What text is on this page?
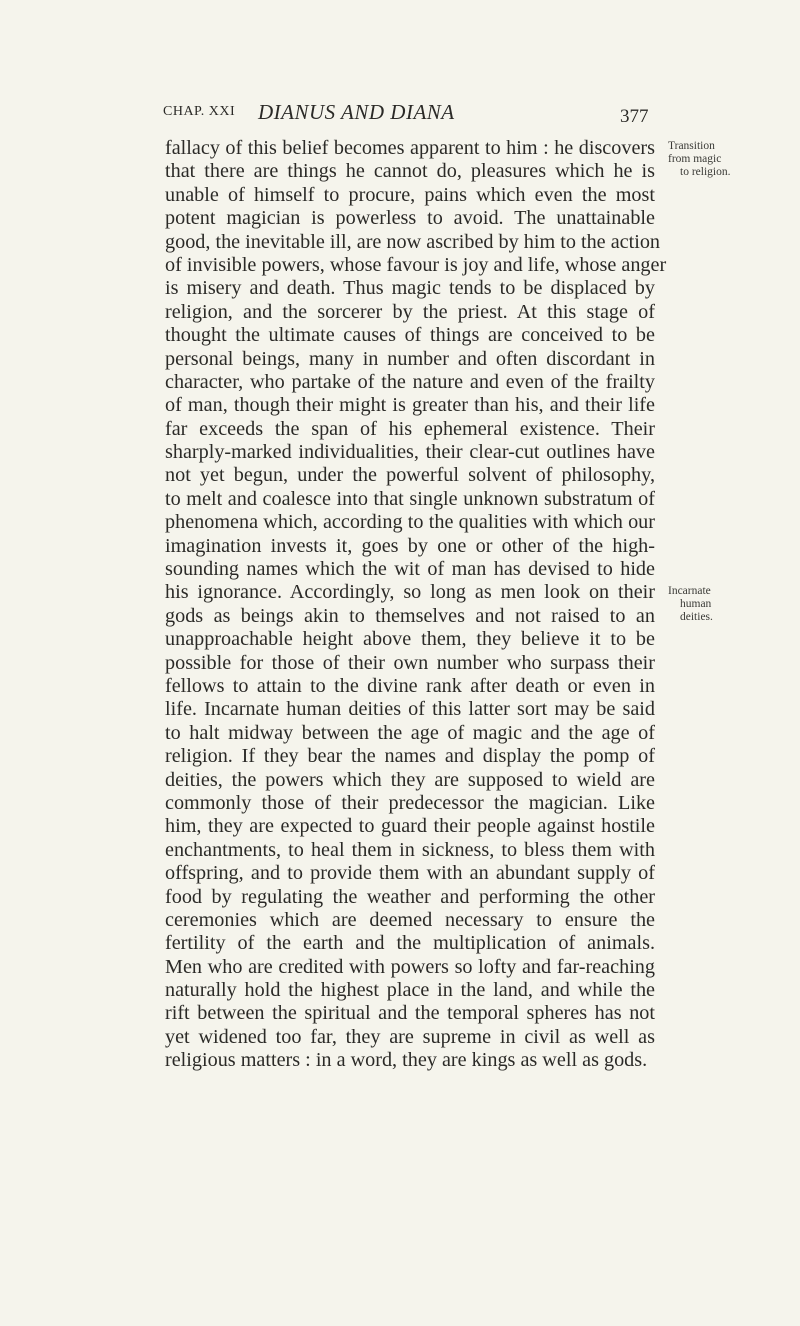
CHAP. XXI DIANUS AND DIANA	377
fallacy of this belief becomes apparent to him : he discovers
that there are things he cannot do, pleasures which he is
unable of himself to procure, pains which even the most
potent magician is powerless to avoid. The unattainable
good, the inevitable ill, are now ascribed by him to the action
of invisible powers, whose favour is joy and life, whose anger
is misery and death. Thus magic tends to be displaced by
religion, and the sorcerer by the priest. At this stage of
thought the ultimate causes of things are conceived to be
personal beings, many in number and often discordant in
character, who partake of the nature and even of the frailty
of man, though their might is greater than his, and their life
far exceeds the span of his ephemeral existence. Their
sharply-marked individualities, their clear-cut outlines have
not yet begun, under the powerful solvent of philosophy,
to melt and coalesce into that single unknown substratum of
phenomena which, according to the qualities with which our
imagination invests it, goes by one or other of the high-
sounding names which the wit of man has devised to hide
his ignorance. Accordingly, so long as men look on their
gods as beings akin to themselves and not raised to an
unapproachable height above them, they believe it to be
possible for those of their own number who surpass their
fellows to attain to the divine rank after death or even in
life. Incarnate human deities of this latter sort may be said
to halt midway between the age of magic and the age of
religion. If they bear the names and display the pomp of
deities, the powers which they are supposed to wield are
commonly those of their predecessor the magician. Like
him, they are expected to guard their people against hostile
enchantments, to heal them in sickness, to bless them with
offspring, and to provide them with an abundant supply of
food by regulating the weather and performing the other
ceremonies which are deemed necessary to ensure the
fertility of the earth and the multiplication of animals.
Men who are credited with powers so lofty and far-reaching
naturally hold the highest place in the land, and while the
rift between the spiritual and the temporal spheres has not
yet widened too far, they are supreme in civil as well as
religious matters : in a word, they are kings as well as gods.
Transition
from magic
to religion.
Incarnate
human
deities.
